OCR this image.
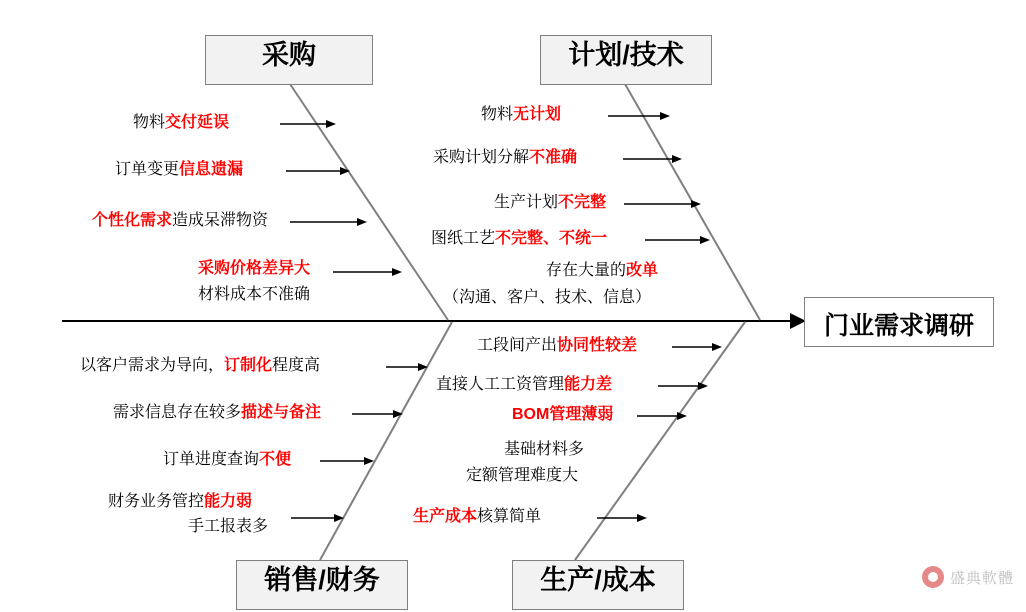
采购	计划/技术
销售/财务	生产/成本
门业需求调研
物料交付延误
订单变更信息遗漏
个性化需求造成呆滞物资
采购价格差异大
材料成本不准确
物料无计划
采购计划分解不准确
生产计划不完整
图纸工艺不完整、不统一
存在大量的改单
（沟通、客户、技术、信息）
以客户需求为导向，订制化程度高
需求信息存在较多描述与备注
订单进度查询不便
财务业务管控能力弱
手工报表多
工段间产出协同性较差
直接人工工资管理能力差
BOM管理薄弱
基础材料多
定额管理难度大
生产成本核算简单
盛典軟體
